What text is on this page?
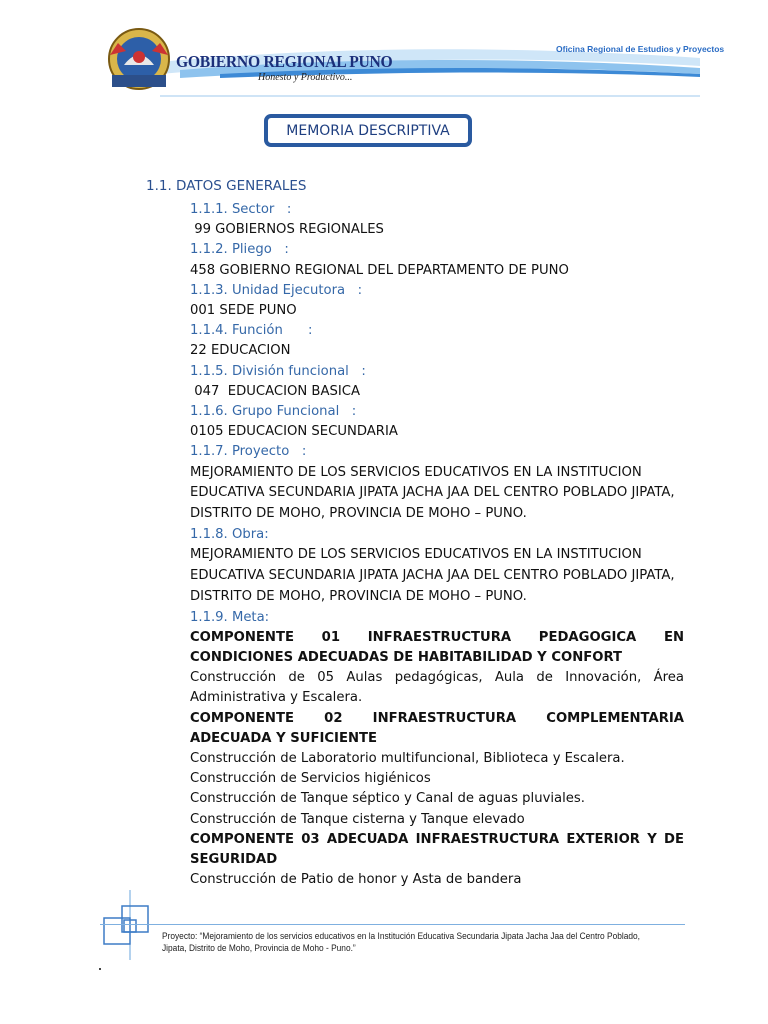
GOBIERNO REGIONAL PUNO
Honesto y Productivo...
Oficina Regional de Estudios y Proyectos
MEMORIA DESCRIPTIVA
1.1. DATOS GENERALES

1.1.1. Sector   :

99 GOBIERNOS REGIONALES

1.1.2. Pliego   :

458 GOBIERNO REGIONAL DEL DEPARTAMENTO DE PUNO

1.1.3. Unidad Ejecutora   :

001 SEDE PUNO

1.1.4. Función      :

22 EDUCACION

1.1.5. División funcional   :

047  EDUCACION BASICA

1.1.6. Grupo Funcional   :

0105 EDUCACION SECUNDARIA

1.1.7. Proyecto   :

MEJORAMIENTO DE LOS SERVICIOS EDUCATIVOS EN LA INSTITUCION EDUCATIVA SECUNDARIA JIPATA JACHA JAA DEL CENTRO POBLADO JIPATA, DISTRITO DE MOHO, PROVINCIA DE MOHO – PUNO.

1.1.8. Obra:

MEJORAMIENTO DE LOS SERVICIOS EDUCATIVOS EN LA INSTITUCION EDUCATIVA SECUNDARIA JIPATA JACHA JAA DEL CENTRO POBLADO JIPATA, DISTRITO DE MOHO, PROVINCIA DE MOHO – PUNO.

1.1.9. Meta:

COMPONENTE 01 INFRAESTRUCTURA PEDAGOGICA EN CONDICIONES ADECUADAS DE HABITABILIDAD Y CONFORT

Construcción de 05 Aulas pedagógicas, Aula de Innovación, Área Administrativa y Escalera.

COMPONENTE 02 INFRAESTRUCTURA COMPLEMENTARIA ADECUADA Y SUFICIENTE

Construcción de Laboratorio multifuncional, Biblioteca y Escalera.

Construcción de Servicios higiénicos

Construcción de Tanque séptico y Canal de aguas pluviales.

Construcción de Tanque cisterna y Tanque elevado

COMPONENTE 03 ADECUADA INFRAESTRUCTURA EXTERIOR Y DE SEGURIDAD

Construcción de Patio de honor y Asta de bandera

Proyecto: “Mejoramiento de los servicios educativos en la Institución Educativa Secundaria Jipata Jacha Jaa del Centro Poblado, Jipata, Distrito de Moho, Provincia de Moho - Puno.”
